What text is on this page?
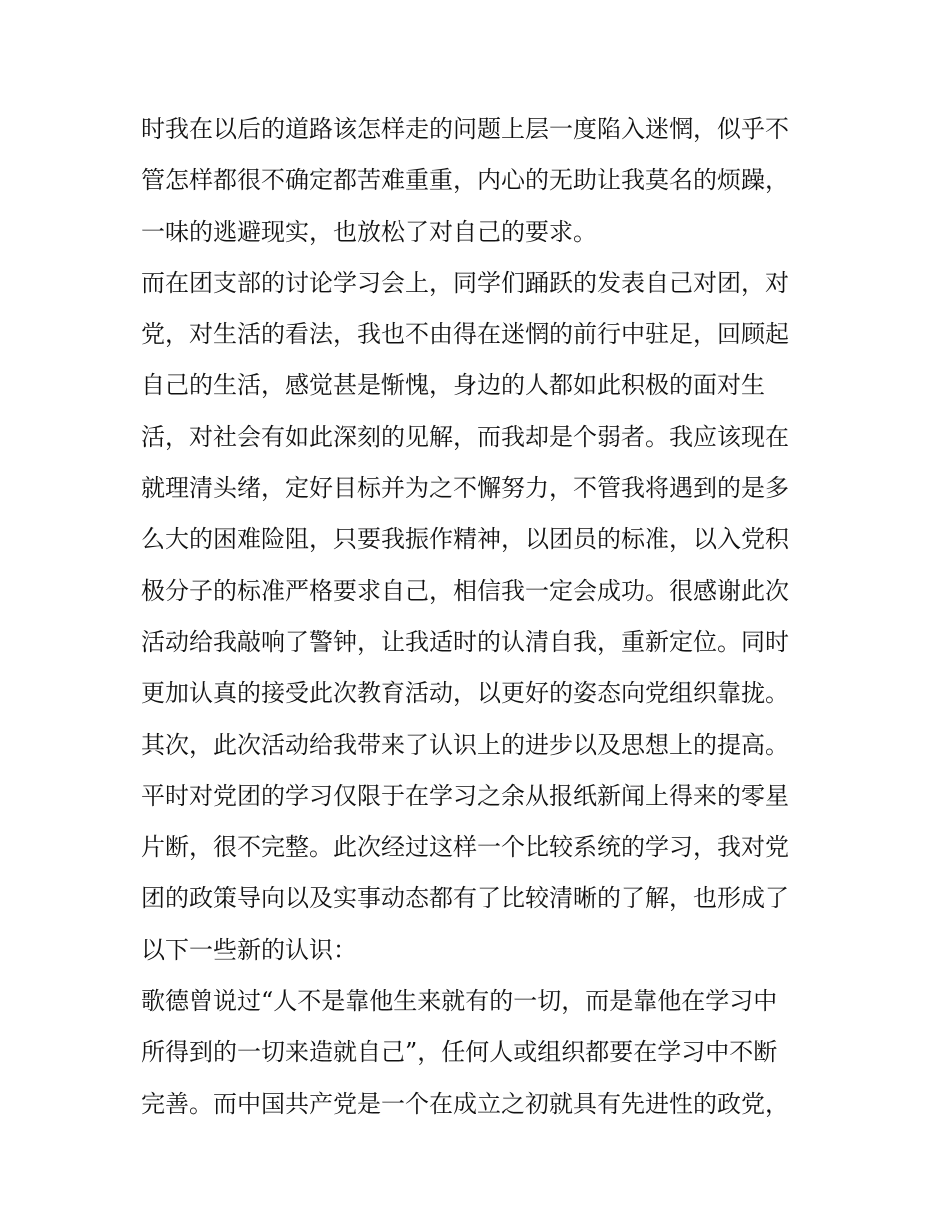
时我在以后的道路该怎样走的问题上层一度陷入迷惘，似乎不
管怎样都很不确定都苦难重重，内心的无助让我莫名的烦躁，
一味的逃避现实，也放松了对自己的要求。
而在团支部的讨论学习会上，同学们踊跃的发表自己对团，对
党，对生活的看法，我也不由得在迷惘的前行中驻足，回顾起
自己的生活，感觉甚是惭愧，身边的人都如此积极的面对生
活，对社会有如此深刻的见解，而我却是个弱者。我应该现在
就理清头绪，定好目标并为之不懈努力，不管我将遇到的是多
么大的困难险阻，只要我振作精神，以团员的标准，以入党积
极分子的标准严格要求自己，相信我一定会成功。很感谢此次
活动给我敲响了警钟，让我适时的认清自我，重新定位。同时
更加认真的接受此次教育活动，以更好的姿态向党组织靠拢。
其次，此次活动给我带来了认识上的进步以及思想上的提高。
平时对党团的学习仅限于在学习之余从报纸新闻上得来的零星
片断，很不完整。此次经过这样一个比较系统的学习，我对党
团的政策导向以及实事动态都有了比较清晰的了解，也形成了
以下一些新的认识：
歌德曾说过“人不是靠他生来就有的一切，而是靠他在学习中
所得到的一切来造就自己”，任何人或组织都要在学习中不断
完善。而中国共产党是一个在成立之初就具有先进性的政党，
